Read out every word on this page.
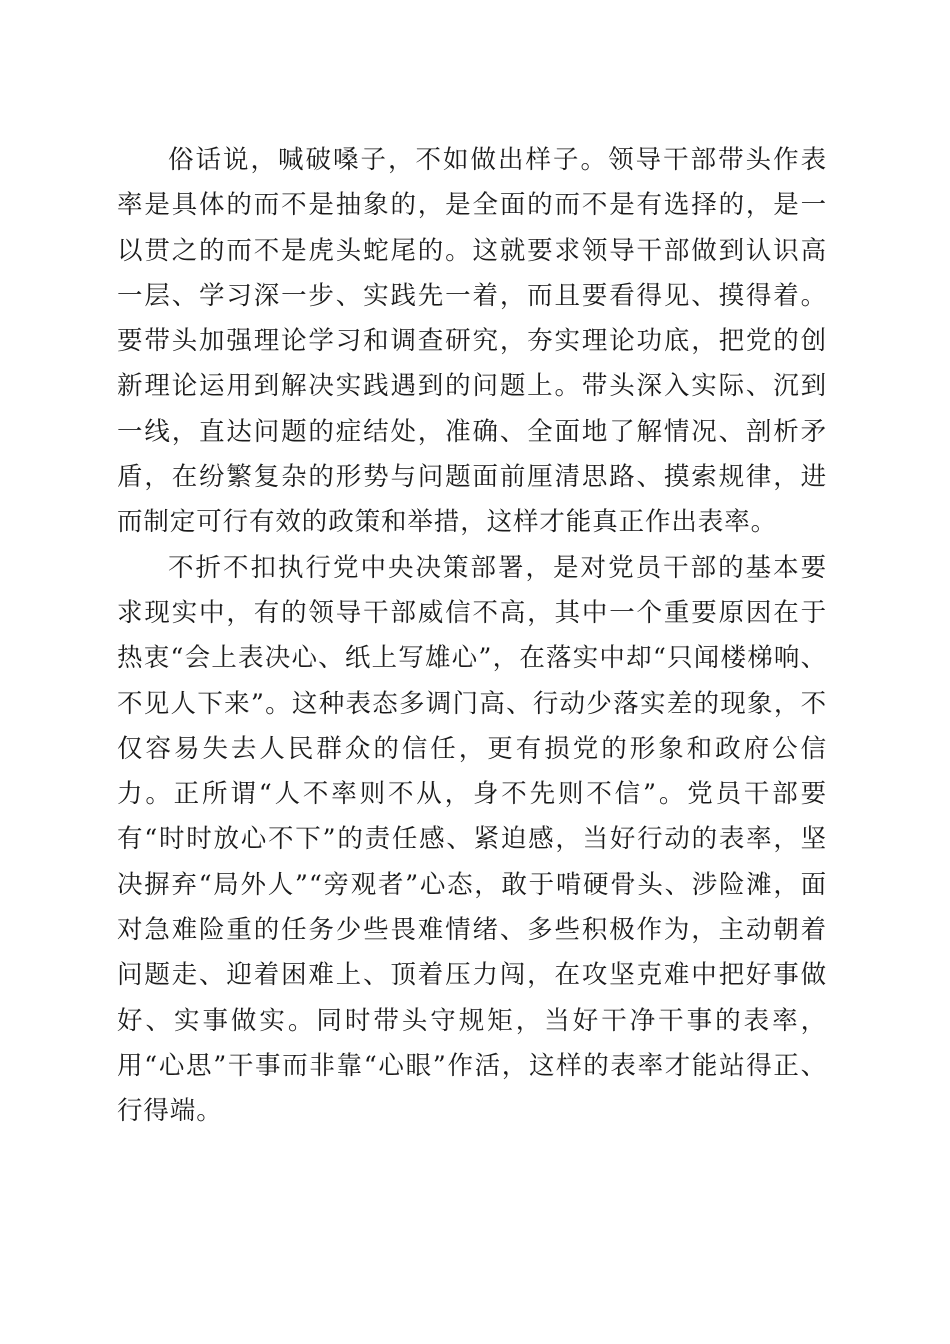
俗话说，喊破嗓子，不如做出样子。领导干部带头作表率是具体的而不是抽象的，是全面的而不是有选择的，是一以贯之的而不是虎头蛇尾的。这就要求领导干部做到认识高一层、学习深一步、实践先一着，而且要看得见、摸得着。要带头加强理论学习和调查研究，夯实理论功底，把党的创新理论运用到解决实践遇到的问题上。带头深入实际、沉到一线，直达问题的症结处，准确、全面地了解情况、剖析矛盾，在纷繁复杂的形势与问题面前厘清思路、摸索规律，进而制定可行有效的政策和举措，这样才能真正作出表率。

不折不扣执行党中央决策部署，是对党员干部的基本要求现实中，有的领导干部威信不高，其中一个重要原因在于热衷“会上表决心、纸上写雄心”，在落实中却“只闻楼梯响、不见人下来”。这种表态多调门高、行动少落实差的现象，不仅容易失去人民群众的信任，更有损党的形象和政府公信力。正所谓“人不率则不从，身不先则不信”。党员干部要有“时时放心不下”的责任感、紧迫感，当好行动的表率，坚决摒弃“局外人”“旁观者”心态，敢于啃硬骨头、涉险滩，面对急难险重的任务少些畏难情绪、多些积极作为，主动朝着问题走、迎着困难上、顶着压力闯，在攻坚克难中把好事做好、实事做实。同时带头守规矩，当好干净干事的表率，用“心思”干事而非靠“心眼”作活，这样的表率才能站得正、行得端。
